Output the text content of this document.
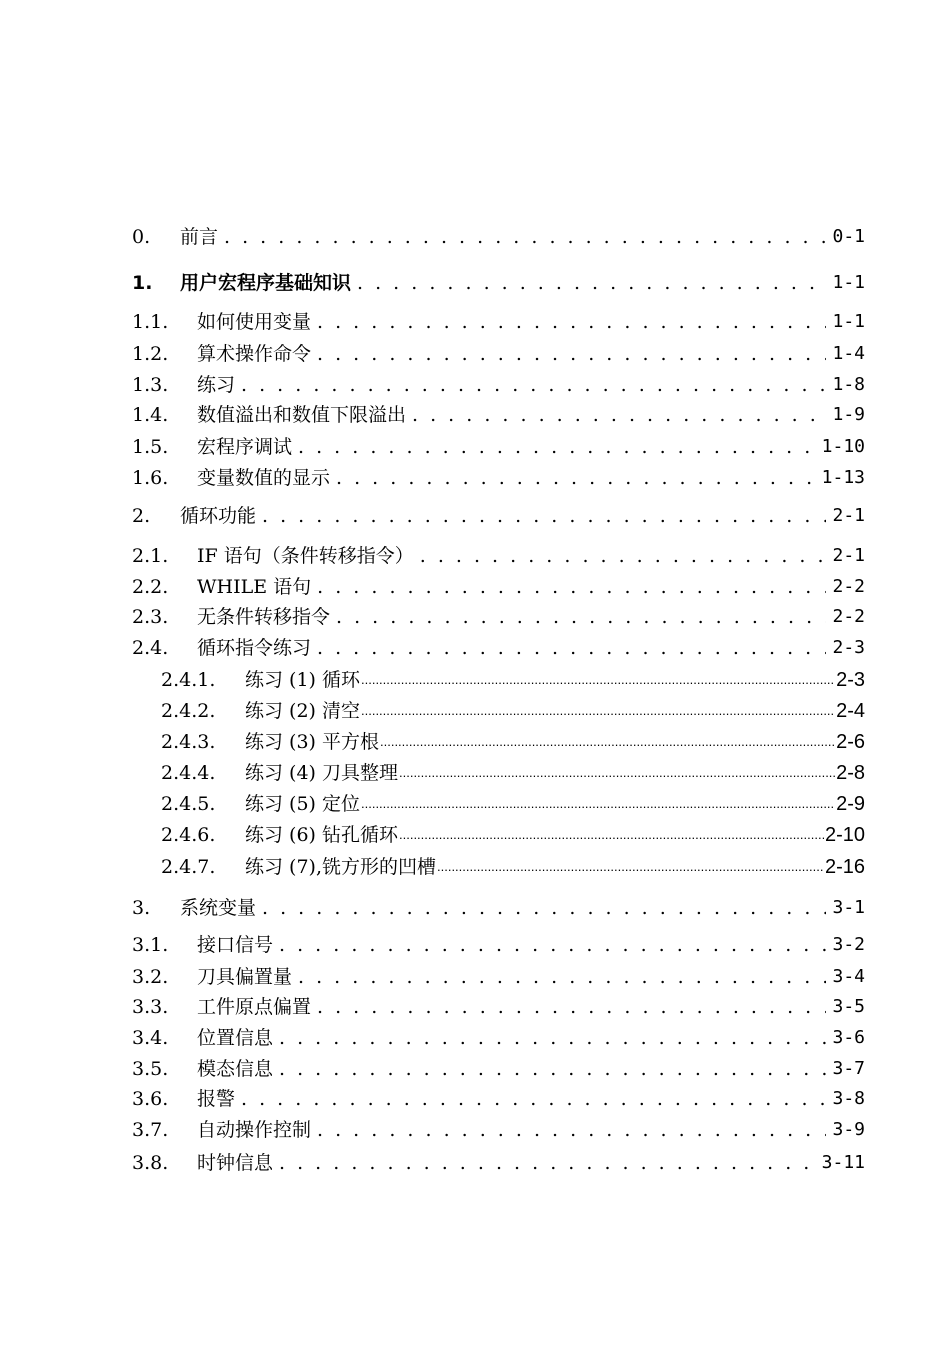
0.	前言 . . .	0-1
1.	用户宏程序基础知识 . . .	1-1
1.1.	如何使用变量 . . .	1-1
1.2.	算术操作命令 . . .	1-4
1.3.	练习 . . .	1-8
1.4.	数值溢出和数值下限溢出 . . .	1-9
1.5.	宏程序调试 . . .	1-10
1.6.	变量数值的显示 . . .	1-13
2.	循环功能 . . .	2-1
2.1.	IF 语句（条件转移指令） . . .	2-1
2.2.	WHILE 语句 . . .	2-2
2.3.	无条件转移指令 . . .	2-2
2.4.	循环指令练习 . . .	2-3
2.4.1.	练习 (1) 循环 .....	2-3
2.4.2.	练习 (2) 清空 .....	2-4
2.4.3.	练习 (3) 平方根 .....	2-6
2.4.4.	练习 (4) 刀具整理 .....	2-8
2.4.5.	练习 (5) 定位 .....	2-9
2.4.6.	练习 (6) 钻孔循环 .....	2-10
2.4.7.	练习 (7),铣方形的凹槽 .....	2-16
3.	系统变量 . . .	3-1
3.1.	接口信号 . . .	3-2
3.2.	刀具偏置量 . . .	3-4
3.3.	工件原点偏置 . . .	3-5
3.4.	位置信息 . . .	3-6
3.5.	模态信息 . . .	3-7
3.6.	报警 . . .	3-8
3.7.	自动操作控制 . . .	3-9
3.8.	时钟信息 . . .	3-11
